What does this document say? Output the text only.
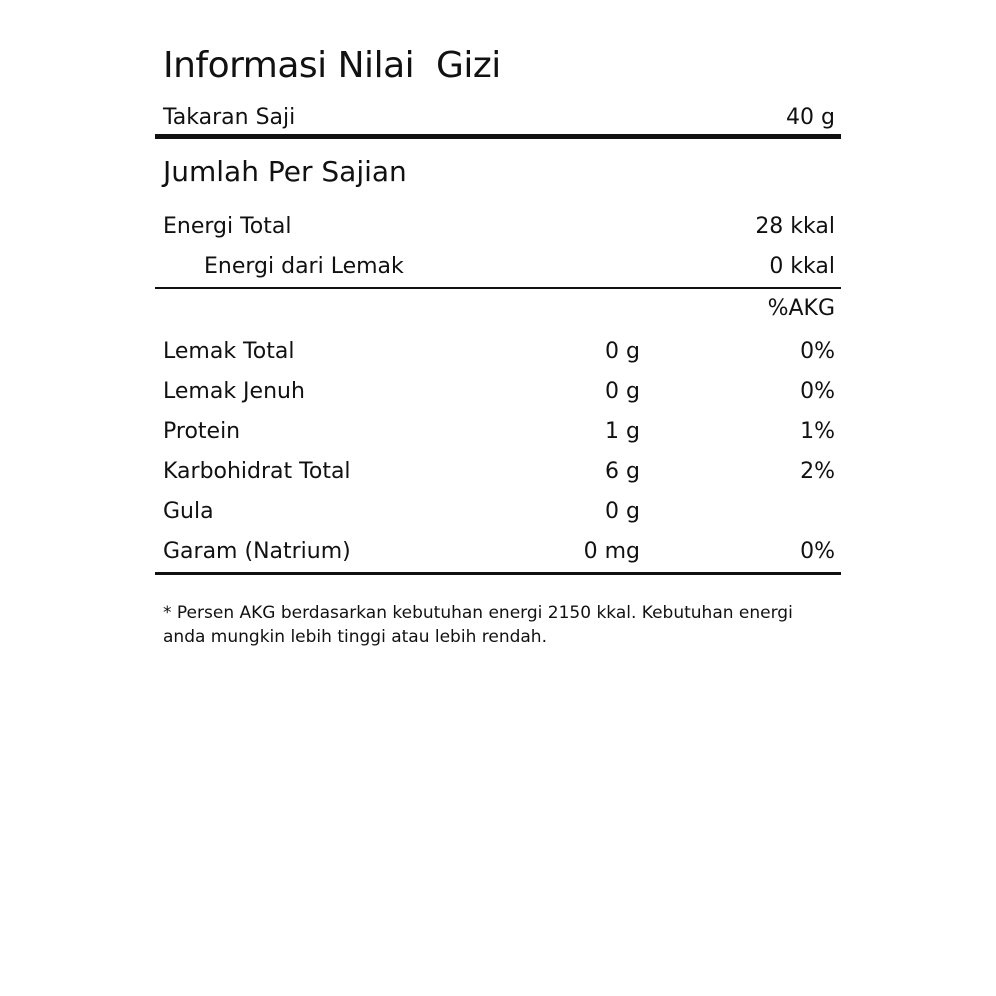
Informasi Nilai  Gizi
Takaran Saji	40 g
Jumlah Per Sajian
Energi Total	28 kkal
Energi dari Lemak	0 kkal
%AKG
Lemak Total	0 g	0%
Lemak Jenuh	0 g	0%
Protein	1 g	1%
Karbohidrat Total	6 g	2%
Gula	0 g
Garam (Natrium)	0 mg	0%
* Persen AKG berdasarkan kebutuhan energi 2150 kkal. Kebutuhan energi anda mungkin lebih tinggi atau lebih rendah.
